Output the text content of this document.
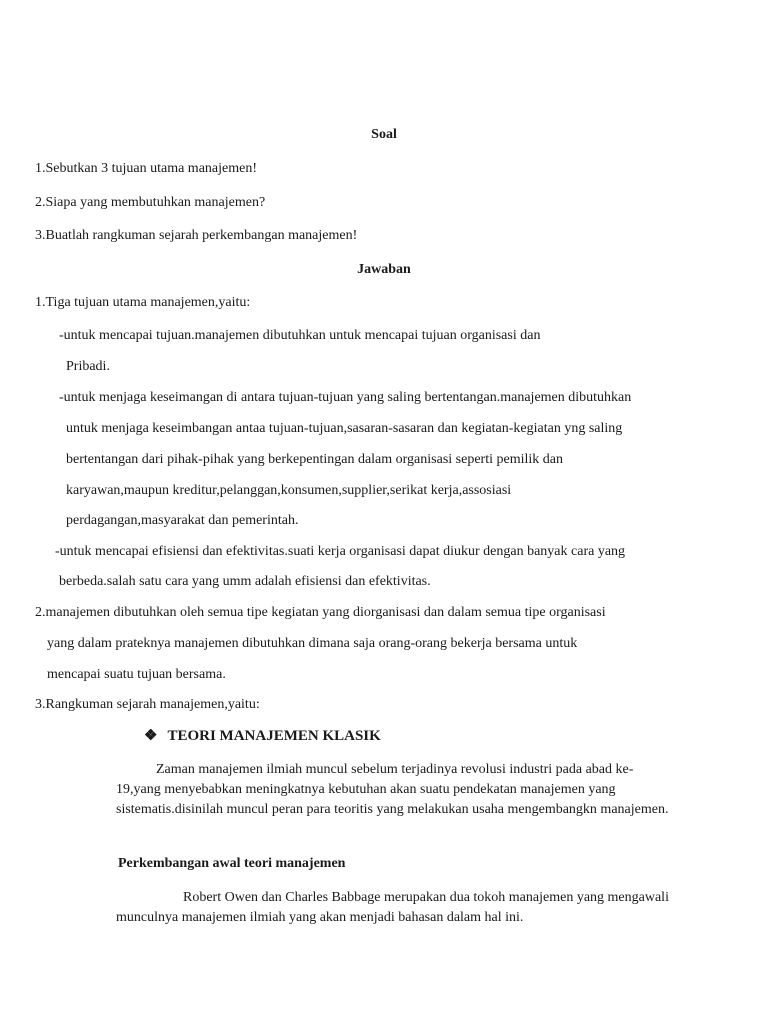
Soal
1.Sebutkan 3 tujuan utama manajemen!
2.Siapa yang membutuhkan manajemen?
3.Buatlah rangkuman sejarah perkembangan manajemen!
Jawaban
1.Tiga tujuan utama manajemen,yaitu:
-untuk mencapai tujuan.manajemen dibutuhkan untuk mencapai tujuan organisasi dan
Pribadi.
-untuk menjaga keseimangan di antara tujuan-tujuan yang saling bertentangan.manajemen dibutuhkan
untuk menjaga keseimbangan antaa tujuan-tujuan,sasaran-sasaran dan kegiatan-kegiatan yng saling
bertentangan dari pihak-pihak yang berkepentingan dalam organisasi seperti pemilik dan
karyawan,maupun kreditur,pelanggan,konsumen,supplier,serikat kerja,assosiasi
perdagangan,masyarakat dan pemerintah.
-untuk mencapai efisiensi dan efektivitas.suati kerja organisasi dapat diukur dengan banyak cara yang
berbeda.salah satu cara yang umm adalah efisiensi dan efektivitas.
2.manajemen dibutuhkan oleh semua tipe kegiatan yang diorganisasi dan dalam semua tipe organisasi
yang dalam prateknya manajemen dibutuhkan dimana saja orang-orang bekerja bersama untuk
mencapai suatu tujuan bersama.
3.Rangkuman sejarah manajemen,yaitu:
❖ TEORI MANAJEMEN KLASIK
Zaman manajemen ilmiah muncul sebelum terjadinya revolusi industri pada abad ke-19,yang menyebabkan meningkatnya kebutuhan akan suatu pendekatan manajemen yang sistematis.disinilah muncul peran para teoritis yang melakukan usaha mengembangkn manajemen.
Perkembangan awal teori manajemen
Robert Owen dan Charles Babbage merupakan dua tokoh manajemen yang mengawali munculnya manajemen ilmiah yang akan menjadi bahasan dalam hal ini.
